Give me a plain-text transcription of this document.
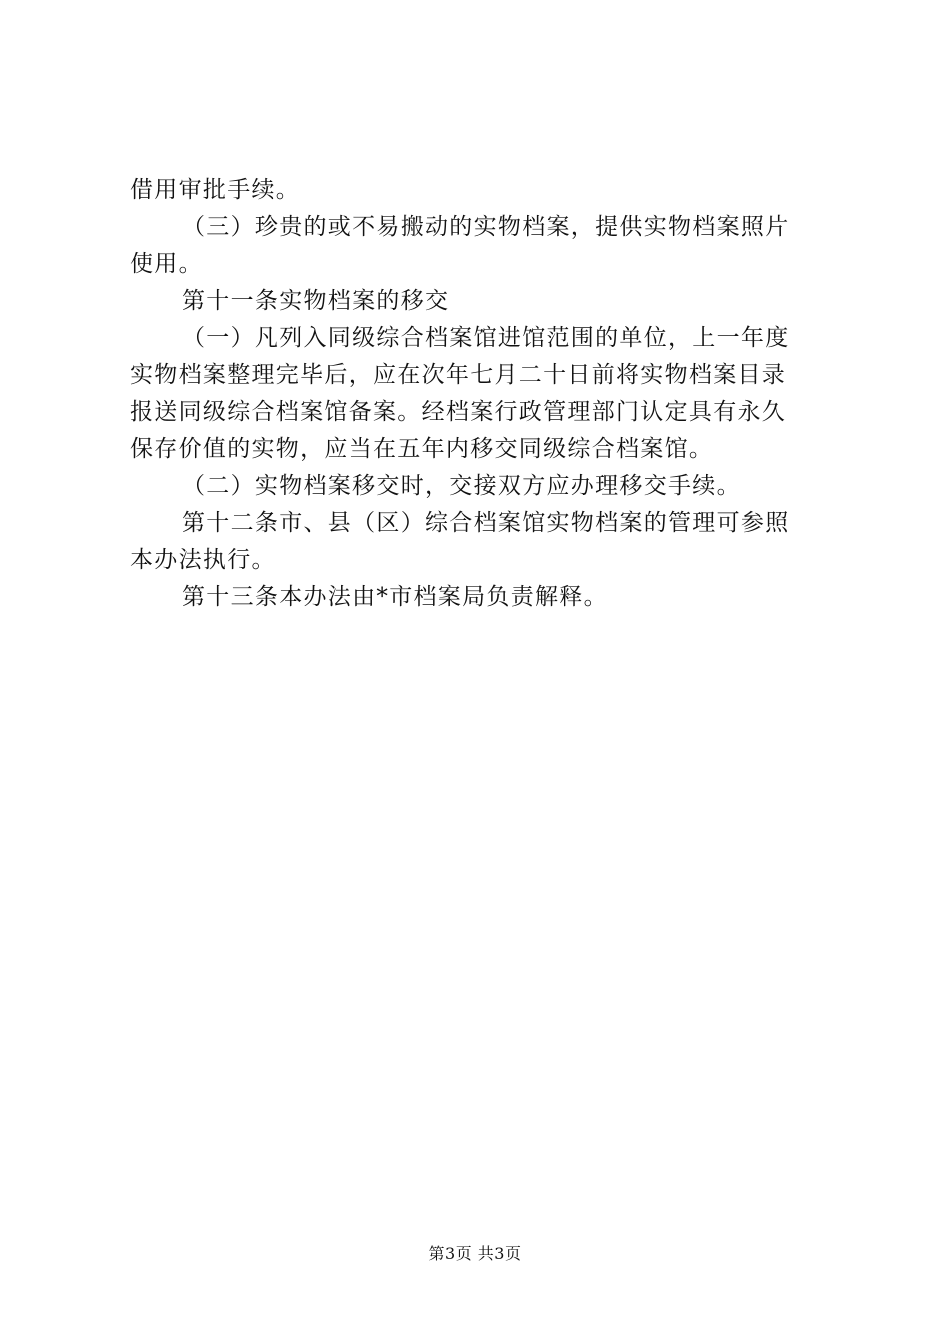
借用审批手续。
（三）珍贵的或不易搬动的实物档案，提供实物档案照片
使用。
第十一条实物档案的移交
（一）凡列入同级综合档案馆进馆范围的单位，上一年度
实物档案整理完毕后，应在次年七月二十日前将实物档案目录
报送同级综合档案馆备案。经档案行政管理部门认定具有永久
保存价值的实物，应当在五年内移交同级综合档案馆。
（二）实物档案移交时，交接双方应办理移交手续。
第十二条市、县（区）综合档案馆实物档案的管理可参照
本办法执行。
第十三条本办法由*市档案局负责解释。
第3页 共3页
